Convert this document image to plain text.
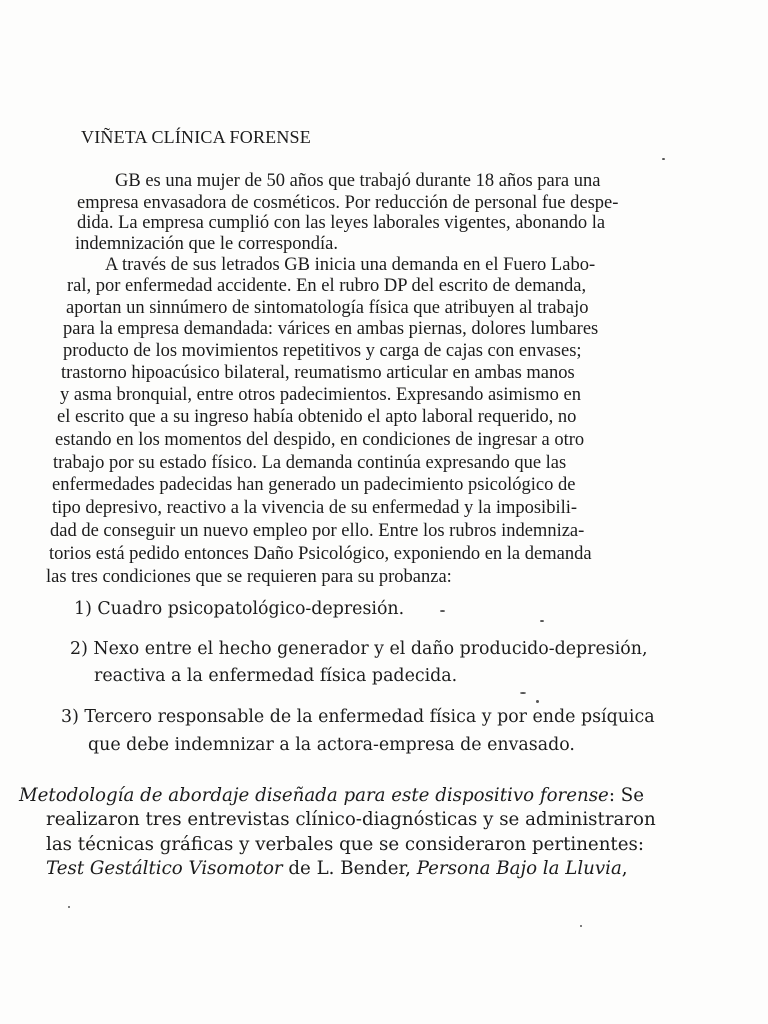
VIÑETA CLÍNICA FORENSE
GB es una mujer de 50 años que trabajó durante 18 años para una
empresa envasadora de cosméticos. Por reducción de personal fue despe-
dida. La empresa cumplió con las leyes laborales vigentes, abonando la
indemnización que le correspondía.
A través de sus letrados GB inicia una demanda en el Fuero Labo-
ral, por enfermedad accidente. En el rubro DP del escrito de demanda,
aportan un sinnúmero de sintomatología física que atribuyen al trabajo
para la empresa demandada: várices en ambas piernas, dolores lumbares
producto de los movimientos repetitivos y carga de cajas con envases;
trastorno hipoacúsico bilateral, reumatismo articular en ambas manos
y asma bronquial, entre otros padecimientos. Expresando asimismo en
el escrito que a su ingreso había obtenido el apto laboral requerido, no
estando en los momentos del despido, en condiciones de ingresar a otro
trabajo por su estado físico. La demanda continúa expresando que las
enfermedades padecidas han generado un padecimiento psicológico de
tipo depresivo, reactivo a la vivencia de su enfermedad y la imposibili-
dad de conseguir un nuevo empleo por ello. Entre los rubros indemniza-
torios está pedido entonces Daño Psicológico, exponiendo en la demanda
las tres condiciones que se requieren para su probanza:
1) Cuadro psicopatológico-depresión.
2) Nexo entre el hecho generador y el daño producido-depresión,
reactiva a la enfermedad física padecida.
3) Tercero responsable de la enfermedad física y por ende psíquica
que debe indemnizar a la actora-empresa de envasado.
Metodología de abordaje diseñada para este dispositivo forense: Se
realizaron tres entrevistas clínico-diagnósticas y se administraron
las técnicas gráficas y verbales que se consideraron pertinentes:
Test Gestáltico Visomotor de L. Bender, Persona Bajo la Lluvia,
